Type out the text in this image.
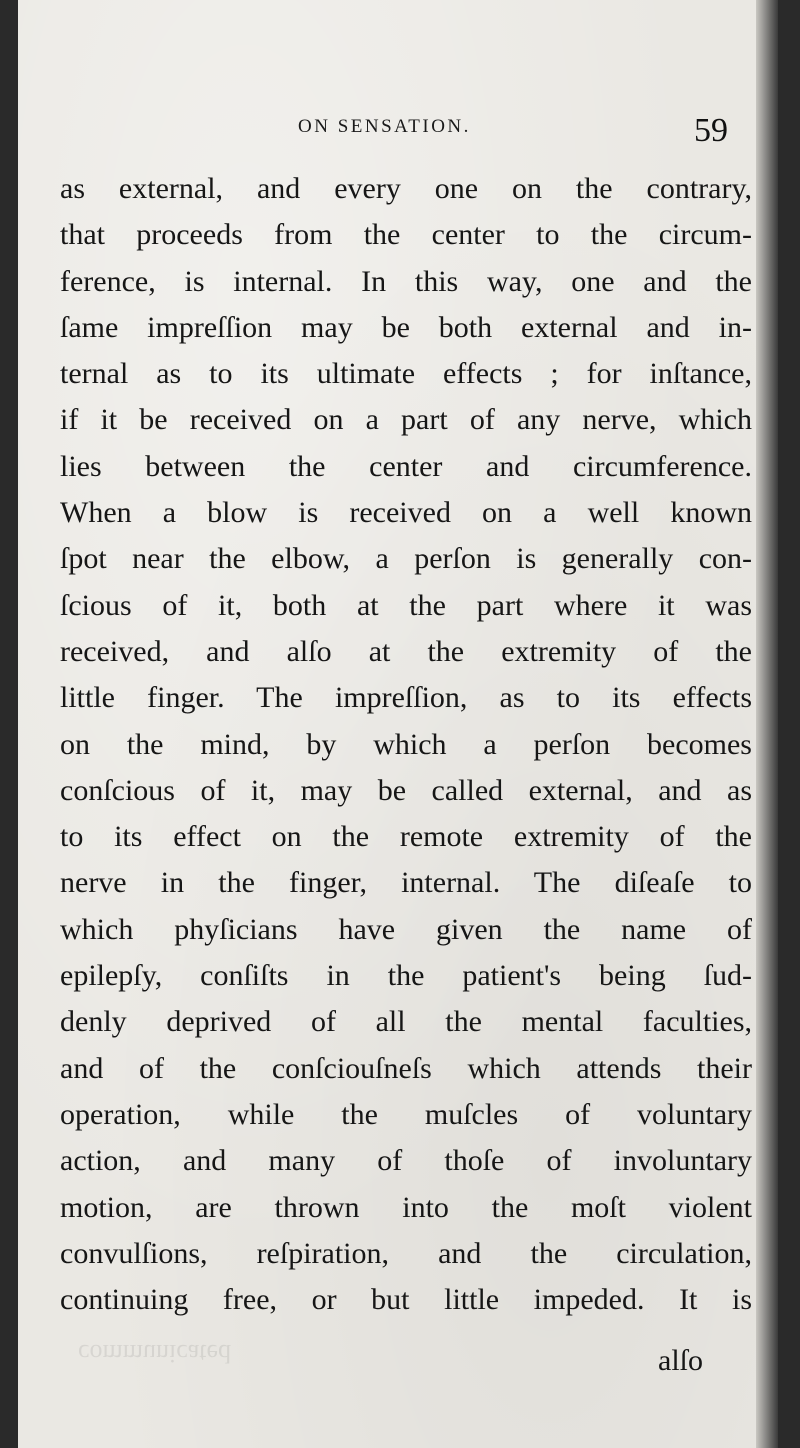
ON SENSATION.	59
as external, and every one on the contrary,
that proceeds from the center to the circum-
ference, is internal. In this way, one and the
ſame impreſſion may be both external and in-
ternal as to its ultimate effects ; for inſtance,
if it be received on a part of any nerve, which
lies between the center and circumference.
When a blow is received on a well known
ſpot near the elbow, a perſon is generally con-
ſcious of it, both at the part where it was
received, and alſo at the extremity of the
little finger. The impreſſion, as to its effects
on the mind, by which a perſon becomes
conſcious of it, may be called external, and as
to its effect on the remote extremity of the
nerve in the finger, internal. The diſeaſe to
which phyſicians have given the name of
epilepſy, conſiſts in the patient's being ſud-
denly deprived of all the mental faculties,
and of the conſciouſneſs which attends their
operation, while the muſcles of voluntary
action, and many of thoſe of involuntary
motion, are thrown into the moſt violent
convulſions, reſpiration, and the circulation,
continuing free, or but little impeded. It is
communicated	alſo
